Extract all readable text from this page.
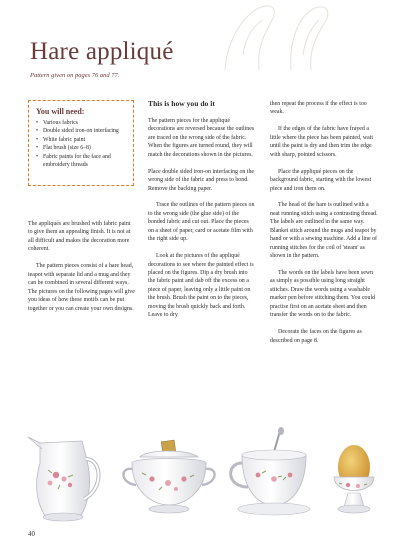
Hare appliqué

Pattern given on pages 76 and 77.

You will need:

• Various fabrics
• Double sided iron-on interfacing
• White fabric paint
• Flat brush (size 6–8)
• Fabric paints for the face and embroidery threads

The appliqués are brushed with fabric paint to give them an appealing finish. It is not at all difficult and makes the decoration more coherent.

The pattern pieces consist of a hare head, teapot with separate lid and a mug and they can be combined in several different ways. The pictures on the following pages will give you ideas of how these motifs can be put together or you can create your own designs.

This is how you do it

The pattern pieces for the appliqué decorations are reversed because the outlines are traced on the wrong side of the fabric. When the figures are turned round, they will match the decorations shown in the pictures.

Place double sided iron-on interfacing on the wrong side of the fabric and press to bond. Remove the backing paper.

Trace the outlines of the pattern pieces on to the wrong side (the glue side) of the bonded fabric and cut out. Place the pieces on a sheet of paper, card or acetate film with the right side up.

Look at the pictures of the appliqué decorations to see where the painted effect is placed on the figures. Dip a dry brush into the fabric paint and dab off the excess on a piece of paper, leaving only a little paint on the brush. Brush the paint on to the pieces, moving the brush quickly back and forth. Leave to dry

then repeat the process if the effect is too weak.

If the edges of the fabric have frayed a little where the piece has been painted, wait until the paint is dry and then trim the edge with sharp, pointed scissors.

Place the appliqué pieces on the background fabric, starting with the lowest piece and iron them on.

The head of the hare is outlined with a neat running stitch using a contrasting thread. The labels are outlined in the same way. Blanket stitch around the mugs and teapot by hand or with a sewing machine. Add a line of running stitches for the coil of 'steam' as shown in the pattern.

The words on the labels have been sewn as simply as possible using long straight stitches. Draw the words using a washable marker pen before stitching them. You could practise first on an acetate sheet and then transfer the words on to the fabric.

Decorate the faces on the figures as described on page 8.

40
